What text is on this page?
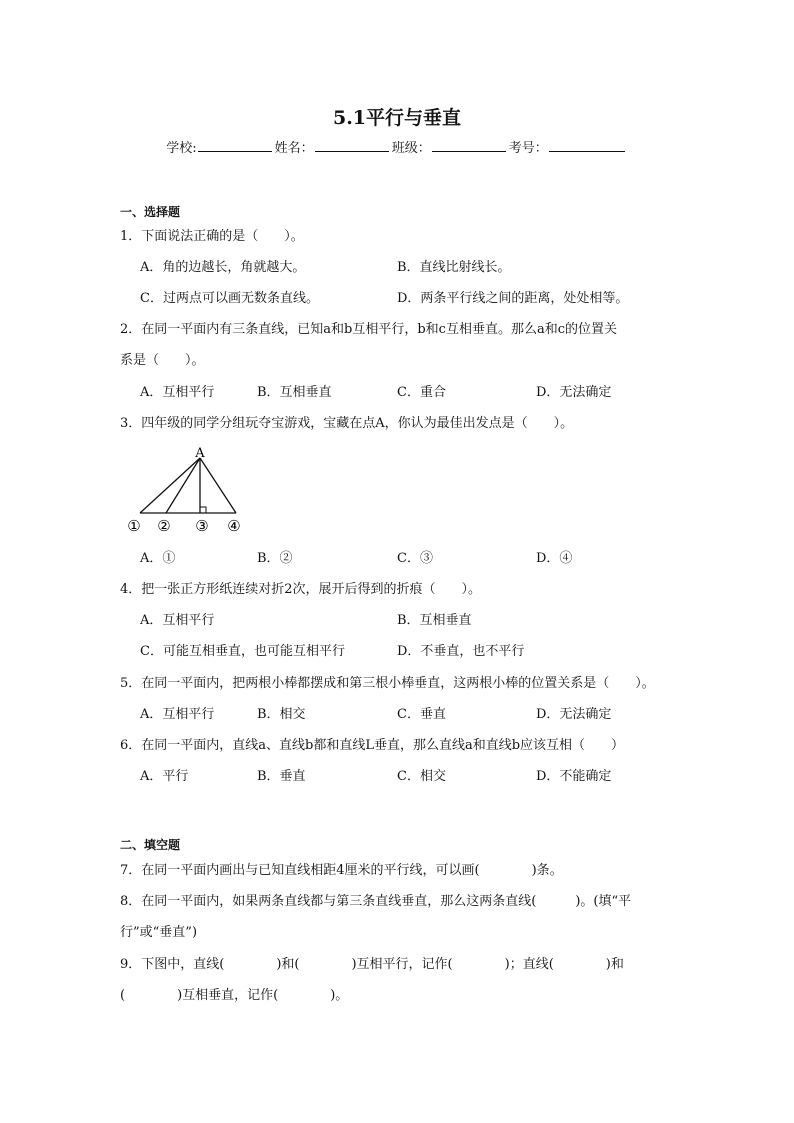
5.1平行与垂直
学校:	姓名：	班级：	考号：
一、选择题
1．下面说法正确的是（　　）。
A．角的边越长，角就越大。	B．直线比射线长。
C．过两点可以画无数条直线。	D．两条平行线之间的距离，处处相等。
2．在同一平面内有三条直线，已知a和b互相平行，b和c互相垂直。那么a和c的位置关
系是（　　）。
A．互相平行	B．互相垂直	C．重合	D．无法确定
3．四年级的同学分组玩夺宝游戏，宝藏在点A，你认为最佳出发点是（　　）。
A
① ② ③ ④
A．①	B．②	C．③	D．④
4．把一张正方形纸连续对折2次，展开后得到的折痕（　　）。
A．互相平行	B．互相垂直
C．可能互相垂直，也可能互相平行	D．不垂直，也不平行
5．在同一平面内，把两根小棒都摆成和第三根小棒垂直，这两根小棒的位置关系是（　　）。
A．互相平行	B．相交	C．垂直	D．无法确定
6．在同一平面内，直线a、直线b都和直线L垂直，那么直线a和直线b应该互相（　　）
A．平行	B．垂直	C．相交	D．不能确定
二、填空题
7．在同一平面内画出与已知直线相距4厘米的平行线，可以画(　　　　)条。
8．在同一平面内，如果两条直线都与第三条直线垂直，那么这两条直线(　　　)。(填“平
行”或“垂直”)
9．下图中，直线(　　　　)和(　　　　)互相平行，记作(　　　　)；直线(　　　　)和
(　　　　)互相垂直，记作(　　　　)。
